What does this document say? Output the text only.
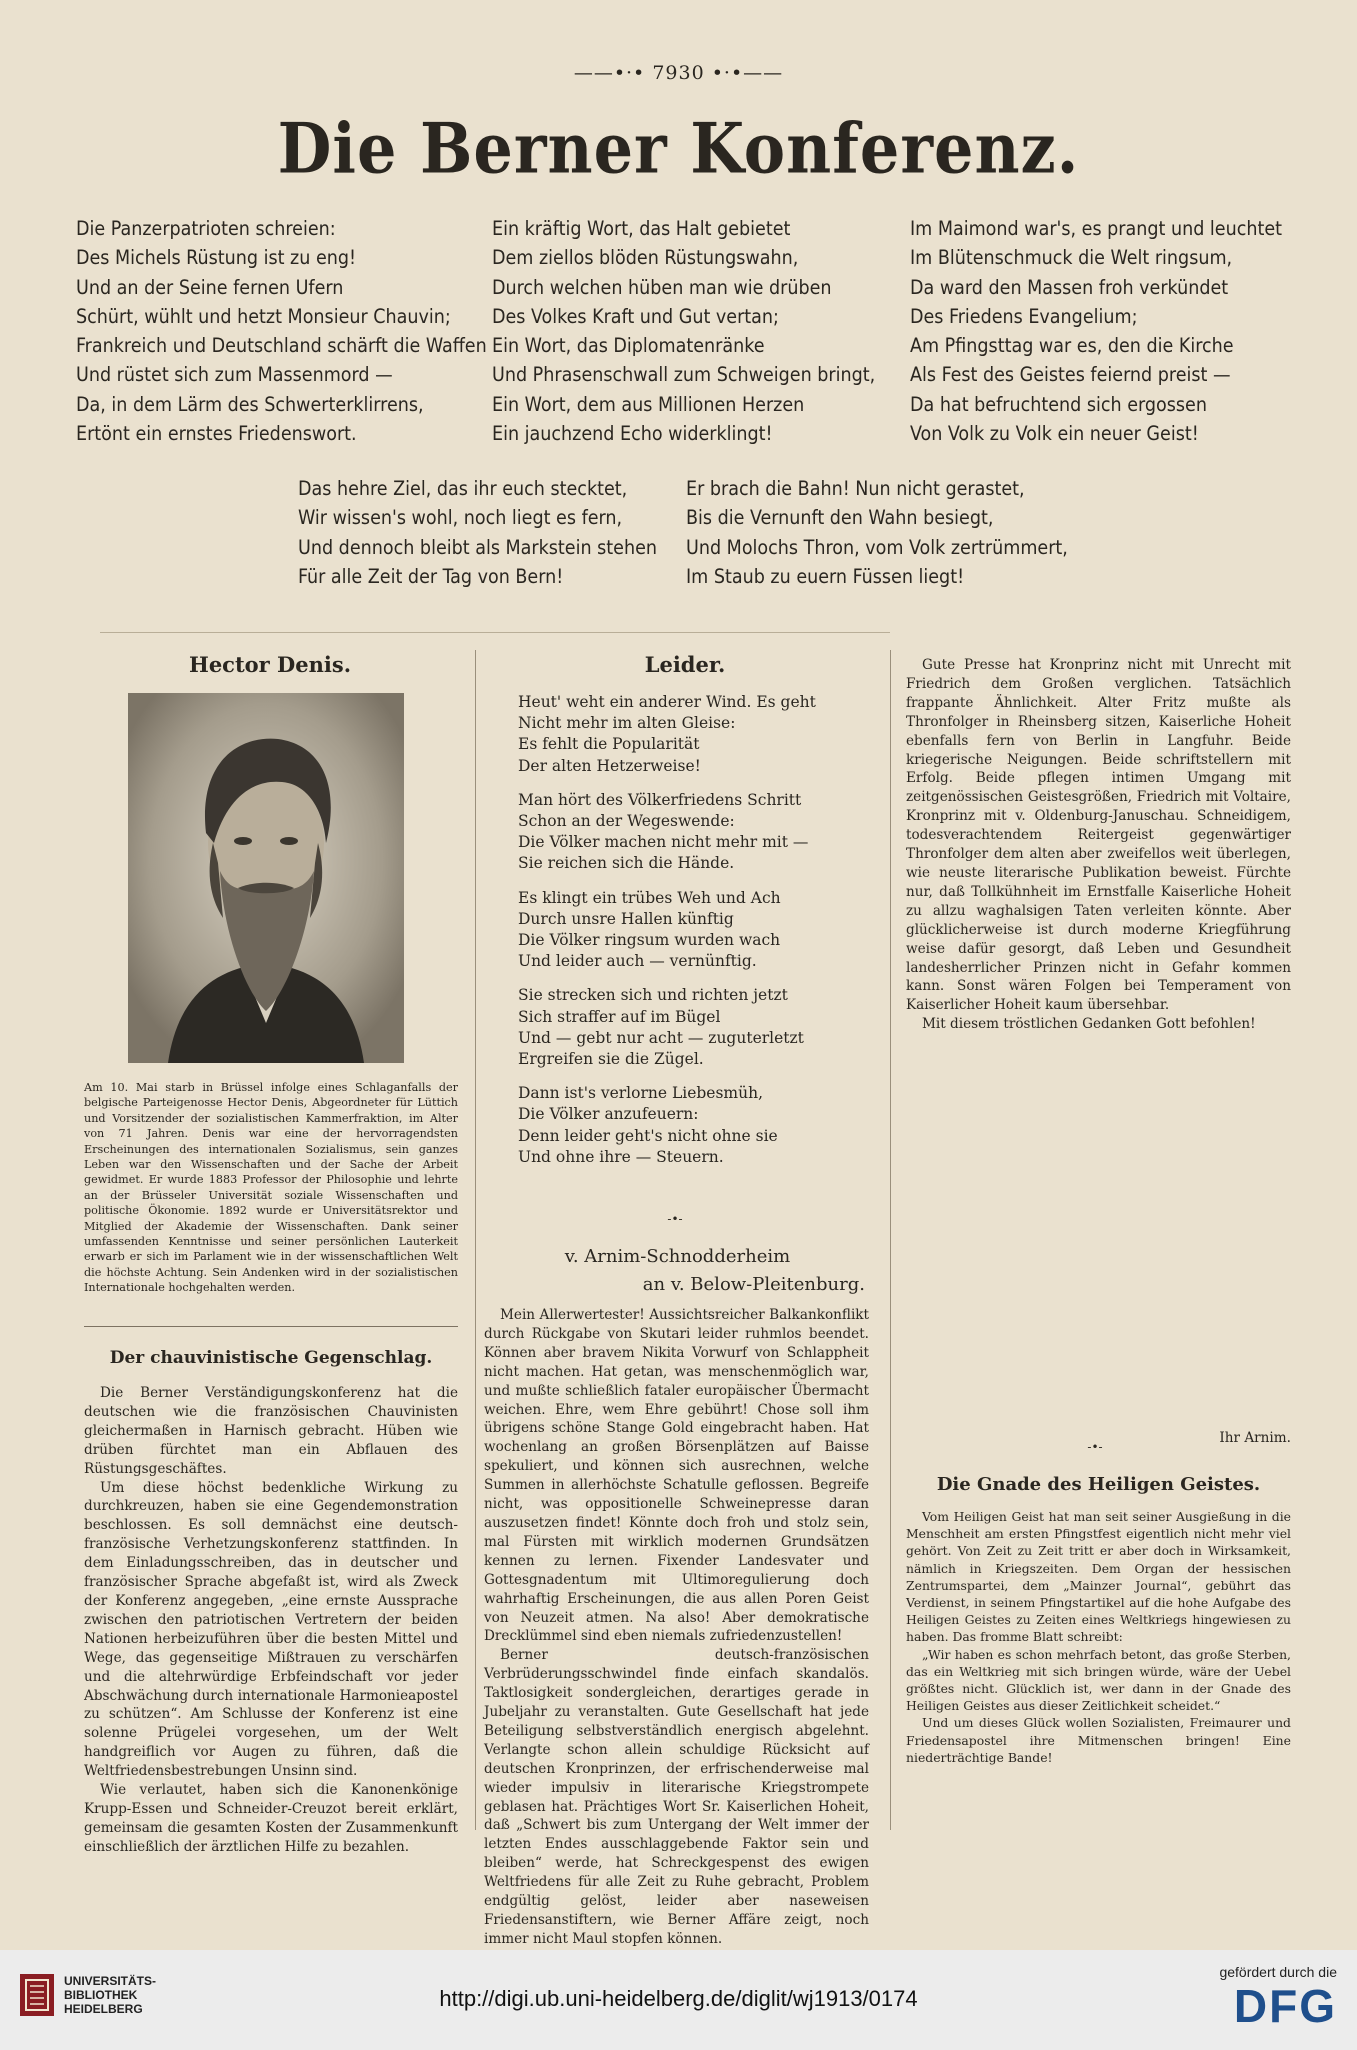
——•·• 7930 •·•——
Die Berner Konferenz.
Die Panzerpatrioten schreien:
Des Michels Rüstung ist zu eng!
Und an der Seine fernen Ufern
Schürt, wühlt und hetzt Monsieur Chauvin;
Frankreich und Deutschland schärft die Waffen
Und rüstet sich zum Massenmord —
Da, in dem Lärm des Schwerterklirrens,
Ertönt ein ernstes Friedenswort.
Ein kräftig Wort, das Halt gebietet
Dem ziellos blöden Rüstungswahn,
Durch welchen hüben man wie drüben
Des Volkes Kraft und Gut vertan;
Ein Wort, das Diplomatenränke
Und Phrasenschwall zum Schweigen bringt,
Ein Wort, dem aus Millionen Herzen
Ein jauchzend Echo widerklingt!
Im Maimond war's, es prangt und leuchtet
Im Blütenschmuck die Welt ringsum,
Da ward den Massen froh verkündet
Des Friedens Evangelium;
Am Pfingsttag war es, den die Kirche
Als Fest des Geistes feiernd preist —
Da hat befruchtend sich ergossen
Von Volk zu Volk ein neuer Geist!
Das hehre Ziel, das ihr euch stecktet,
Wir wissen's wohl, noch liegt es fern,
Und dennoch bleibt als Markstein stehen
Für alle Zeit der Tag von Bern!
Er brach die Bahn! Nun nicht gerastet,
Bis die Vernunft den Wahn besiegt,
Und Molochs Thron, vom Volk zertrümmert,
Im Staub zu euern Füssen liegt!
Hector Denis.
Am 10. Mai starb in Brüssel infolge eines Schlaganfalls der belgische Parteigenosse Hector Denis, Abgeordneter für Lüttich und Vorsitzender der sozialistischen Kammerfraktion, im Alter von 71 Jahren. Denis war eine der hervorragendsten Erscheinungen des internationalen Sozialismus, sein ganzes Leben war den Wissenschaften und der Sache der Arbeit gewidmet. Er wurde 1883 Professor der Philosophie und lehrte an der Brüsseler Universität soziale Wissenschaften und politische Ökonomie. 1892 wurde er Universitätsrektor und Mitglied der Akademie der Wissenschaften. Dank seiner umfassenden Kenntnisse und seiner persönlichen Lauterkeit erwarb er sich im Parlament wie in der wissenschaftlichen Welt die höchste Achtung. Sein Andenken wird in der sozialistischen Internationale hochgehalten werden.
Der chauvinistische Gegenschlag.

Die Berner Verständigungskonferenz hat die deutschen wie die französischen Chauvinisten gleichermaßen in Harnisch gebracht. Hüben wie drüben fürchtet man ein Abflauen des Rüstungsgeschäftes.

Um diese höchst bedenkliche Wirkung zu durchkreuzen, haben sie eine Gegendemonstration beschlossen. Es soll demnächst eine deutsch-französische Verhetzungskonferenz stattfinden. In dem Einladungsschreiben, das in deutscher und französischer Sprache abgefaßt ist, wird als Zweck der Konferenz angegeben, „eine ernste Aussprache zwischen den patriotischen Vertretern der beiden Nationen herbeizuführen über die besten Mittel und Wege, das gegenseitige Mißtrauen zu verschärfen und die altehrwürdige Erbfeindschaft vor jeder Abschwächung durch internationale Harmonieapostel zu schützen“. Am Schlusse der Konferenz ist eine solenne Prügelei vorgesehen, um der Welt handgreiflich vor Augen zu führen, daß die Weltfriedensbestrebungen Unsinn sind.

Wie verlautet, haben sich die Kanonenkönige Krupp-Essen und Schneider-Creuzot bereit erklärt, gemeinsam die gesamten Kosten der Zusammenkunft einschließlich der ärztlichen Hilfe zu bezahlen.

Leider.
Heut' weht ein anderer Wind. Es geht
Nicht mehr im alten Gleise:
Es fehlt die Popularität
Der alten Hetzerweise!
Man hört des Völkerfriedens Schritt
Schon an der Wegeswende:
Die Völker machen nicht mehr mit —
Sie reichen sich die Hände.
Es klingt ein trübes Weh und Ach
Durch unsre Hallen künftig
Die Völker ringsum wurden wach
Und leider auch — vernünftig.
Sie strecken sich und richten jetzt
Sich straffer auf im Bügel
Und — gebt nur acht — zuguterletzt
Ergreifen sie die Zügel.
Dann ist's verlorne Liebesmüh,
Die Völker anzufeuern:
Denn leider geht's nicht ohne sie
Und ohne ihre — Steuern.
-•-
v. Arnim-Schnodderheim
an v. Below-Pleitenburg.

Mein Allerwertester! Aussichtsreicher Balkankonflikt durch Rückgabe von Skutari leider ruhmlos beendet. Können aber bravem Nikita Vorwurf von Schlappheit nicht machen. Hat getan, was menschenmöglich war, und mußte schließlich fataler europäischer Übermacht weichen. Ehre, wem Ehre gebührt! Chose soll ihm übrigens schöne Stange Gold eingebracht haben. Hat wochenlang an großen Börsenplätzen auf Baisse spekuliert, und können sich ausrechnen, welche Summen in allerhöchste Schatulle geflossen. Begreife nicht, was oppositionelle Schweinepresse daran auszusetzen findet! Könnte doch froh und stolz sein, mal Fürsten mit wirklich modernen Grundsätzen kennen zu lernen. Fixender Landesvater und Gottesgnadentum mit Ultimoregulierung doch wahrhaftig Erscheinungen, die aus allen Poren Geist von Neuzeit atmen. Na also! Aber demokratische Drecklümmel sind eben niemals zufriedenzustellen!

Berner deutsch-französischen Verbrüderungsschwindel finde einfach skandalös. Taktlosigkeit sondergleichen, derartiges gerade in Jubeljahr zu veranstalten. Gute Gesellschaft hat jede Beteiligung selbstverständlich energisch abgelehnt. Verlangte schon allein schuldige Rücksicht auf deutschen Kronprinzen, der erfrischenderweise mal wieder impulsiv in literarische Kriegstrompete geblasen hat. Prächtiges Wort Sr. Kaiserlichen Hoheit, daß „Schwert bis zum Untergang der Welt immer der letzten Endes ausschlaggebende Faktor sein und bleiben“ werde, hat Schreckgespenst des ewigen Weltfriedens für alle Zeit zu Ruhe gebracht, Problem endgültig gelöst, leider aber naseweisen Friedensanstiftern, wie Berner Affäre zeigt, noch immer nicht Maul stopfen können.

Gute Presse hat Kronprinz nicht mit Unrecht mit Friedrich dem Großen verglichen. Tatsächlich frappante Ähnlichkeit. Alter Fritz mußte als Thronfolger in Rheinsberg sitzen, Kaiserliche Hoheit ebenfalls fern von Berlin in Langfuhr. Beide kriegerische Neigungen. Beide schriftstellern mit Erfolg. Beide pflegen intimen Umgang mit zeitgenössischen Geistesgrößen, Friedrich mit Voltaire, Kronprinz mit v. Oldenburg-Januschau. Schneidigem, todesverachtendem Reitergeist gegenwärtiger Thronfolger dem alten aber zweifellos weit überlegen, wie neuste literarische Publikation beweist. Fürchte nur, daß Tollkühnheit im Ernstfalle Kaiserliche Hoheit zu allzu waghalsigen Taten verleiten könnte. Aber glücklicherweise ist durch moderne Kriegführung weise dafür gesorgt, daß Leben und Gesundheit landesherrlicher Prinzen nicht in Gefahr kommen kann. Sonst wären Folgen bei Temperament von Kaiserlicher Hoheit kaum übersehbar.

Mit diesem tröstlichen Gedanken Gott befohlen!

Ihr Arnim.
-•-
Die Gnade des Heiligen Geistes.

Vom Heiligen Geist hat man seit seiner Ausgießung in die Menschheit am ersten Pfingstfest eigentlich nicht mehr viel gehört. Von Zeit zu Zeit tritt er aber doch in Wirksamkeit, nämlich in Kriegszeiten. Dem Organ der hessischen Zentrumspartei, dem „Mainzer Journal“, gebührt das Verdienst, in seinem Pfingstartikel auf die hohe Aufgabe des Heiligen Geistes zu Zeiten eines Weltkriegs hingewiesen zu haben. Das fromme Blatt schreibt:

„Wir haben es schon mehrfach betont, das große Sterben, das ein Weltkrieg mit sich bringen würde, wäre der Uebel größtes nicht. Glücklich ist, wer dann in der Gnade des Heiligen Geistes aus dieser Zeitlichkeit scheidet.“

Und um dieses Glück wollen Sozialisten, Freimaurer und Friedensapostel ihre Mitmenschen bringen! Eine niederträchtige Bande!

UNIVERSITÄTS-
BIBLIOTHEK
HEIDELBERG	http://digi.ub.uni-heidelberg.de/diglit/wj1913/0174
gefördert durch die
DFG
